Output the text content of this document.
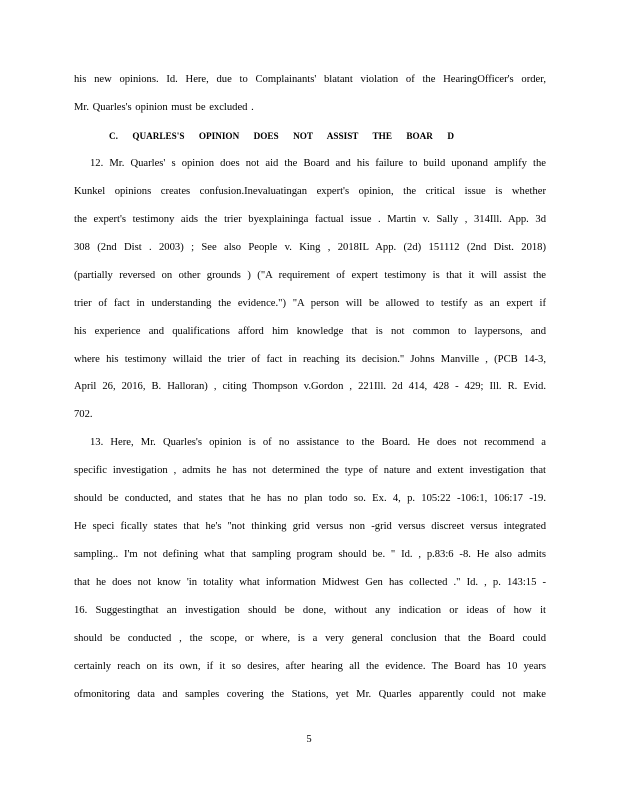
his new opinions. Id. Here, due to Complainants' blatant violation of the HearingOfficer's order,
Mr. Quarles's opinion must be excluded .
C. QUARLES'S OPINION DOES NOT ASSIST THE BOAR D
12. Mr. Quarles' s opinion does not aid the Board and his failure to build uponand amplify the
Kunkel opinions creates confusion.Inevaluatingan expert's opinion, the critical issue is whether
the expert's testimony aids the trier byexplaininga factual issue . Martin v. Sally , 314Ill. App. 3d
308 (2nd Dist . 2003) ; See also People v. King , 2018IL App. (2d) 151112 (2nd Dist. 2018)
(partially reversed on other grounds ) ("A requirement of expert testimony is that it will assist the
trier of fact in understanding the evidence.") "A person will be allowed to testify as an expert if
his experience and qualifications afford him knowledge that is not common to laypersons, and
where his testimony willaid the trier of fact in reaching its decision." Johns Manville , (PCB 14-3,
April 26, 2016, B. Halloran) , citing Thompson v.Gordon , 221Ill. 2d 414, 428 - 429; Ill. R. Evid.
702.
13. Here, Mr. Quarles's opinion is of no assistance to the Board. He does not recommend a
specific investigation , admits he has not determined the type of nature and extent investigation that
should be conducted, and states that he has no plan todo so. Ex. 4, p. 105:22 -106:1, 106:17 -19.
He speci fically states that he's ''not thinking grid versus non -grid versus discreet versus integrated
sampling.. I'm not defining what that sampling program should be. " Id. , p.83:6 -8. He also admits
that he does not know 'in totality what information Midwest Gen has collected ." Id. , p. 143:15 -
16. Suggestingthat an investigation should be done, without any indication or ideas of how it
should be conducted , the scope, or where, is a very general conclusion that the Board could
certainly reach on its own, if it so desires, after hearing all the evidence. The Board has 10 years
ofmonitoring data and samples covering the Stations, yet Mr. Quarles apparently could not make
5
